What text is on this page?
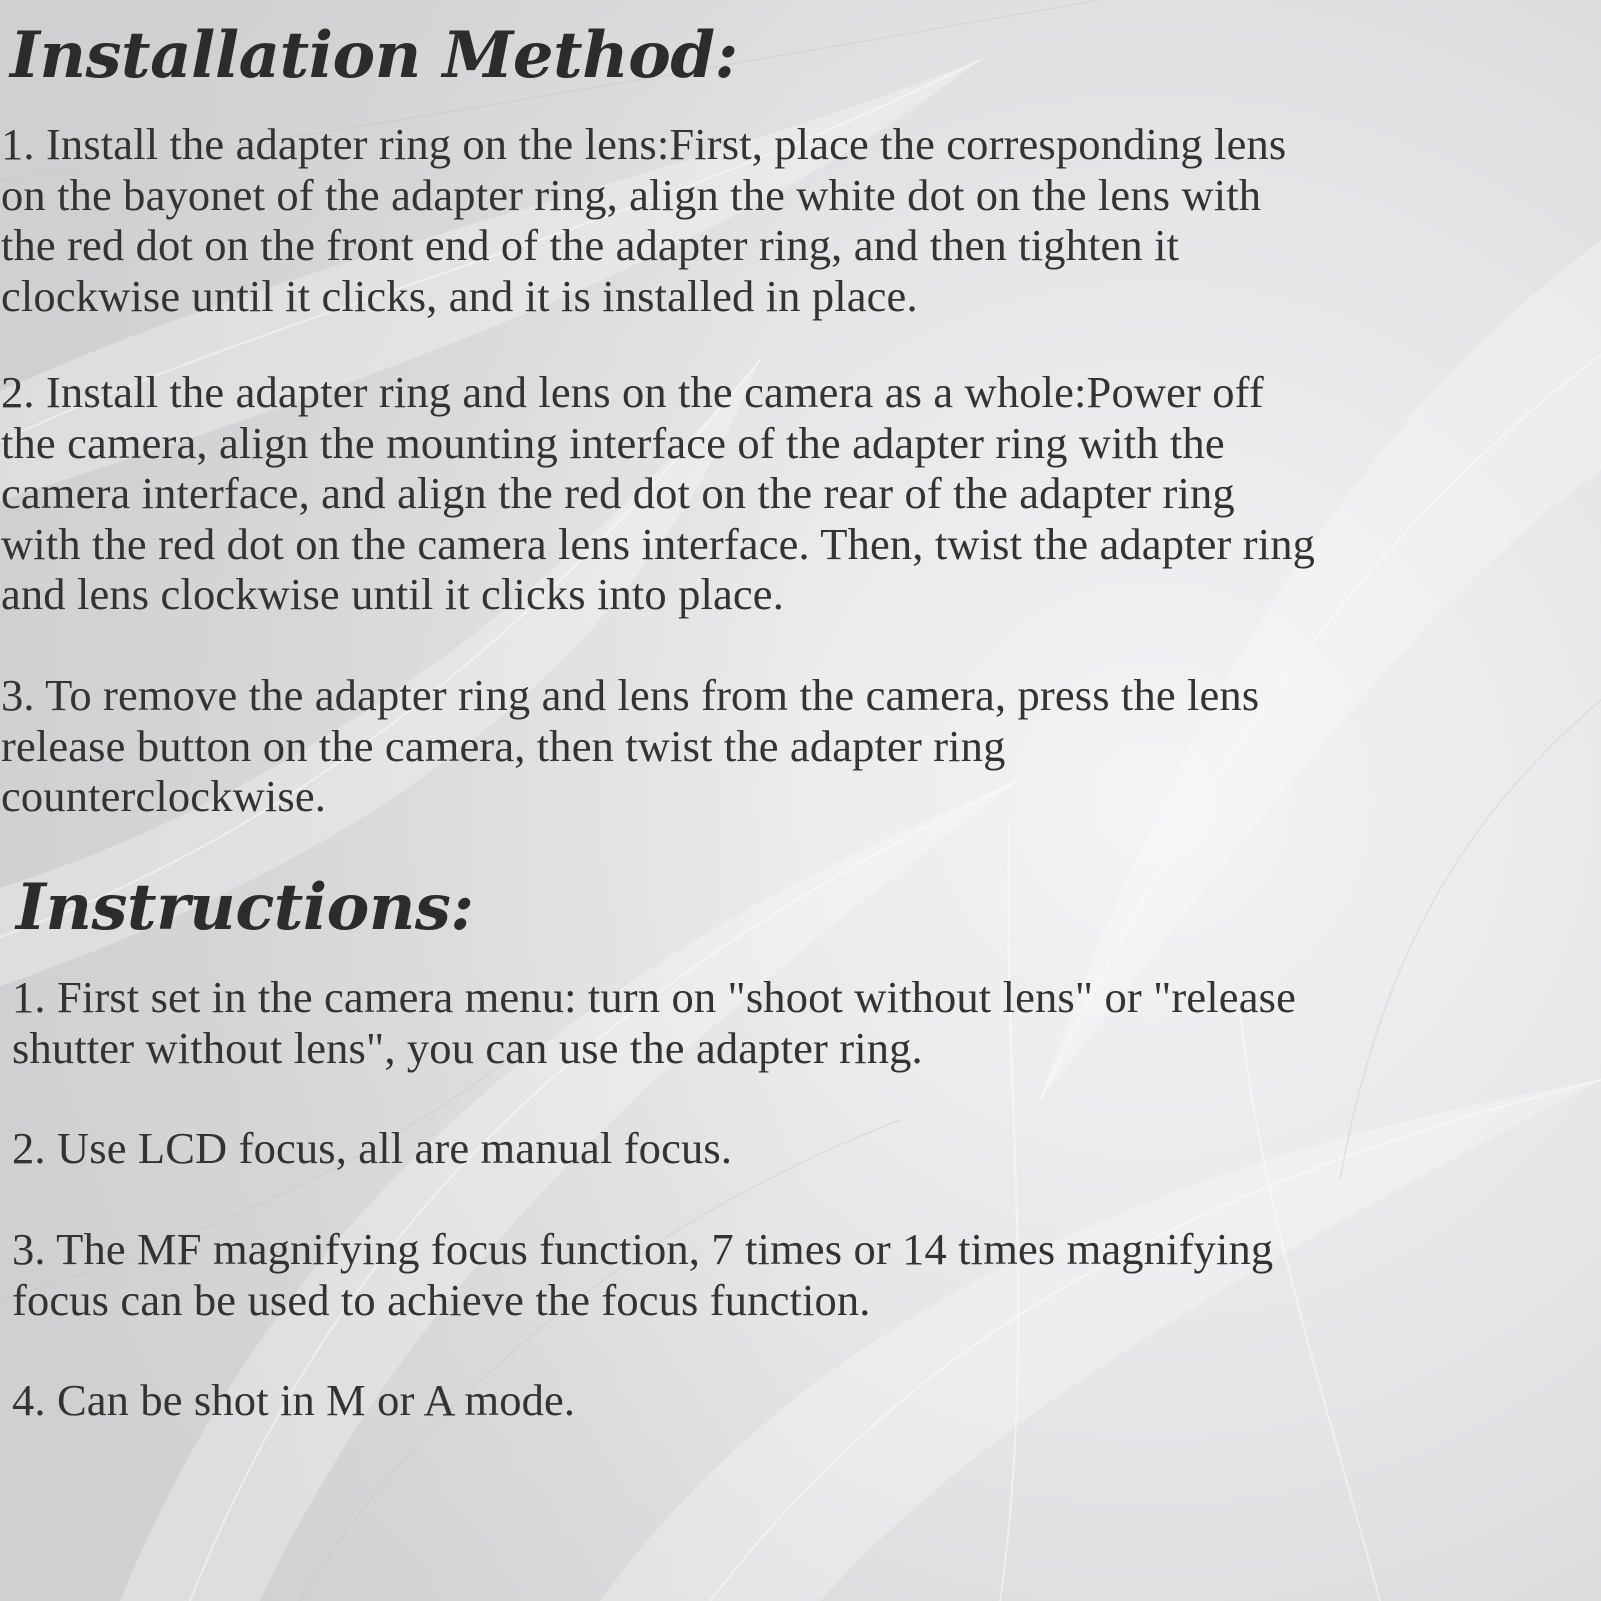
Installation Method:

1. Install the adapter ring on the lens:First, place the corresponding lens
on the bayonet of the adapter ring, align the white dot on the lens with
the red dot on the front end of the adapter ring, and then tighten it
clockwise until it clicks, and it is installed in place.

2. Install the adapter ring and lens on the camera as a whole:Power off
the camera, align the mounting interface of the adapter ring with the
camera interface, and align the red dot on the rear of the adapter ring
with the red dot on the camera lens interface. Then, twist the adapter ring
and lens clockwise until it clicks into place.

3. To remove the adapter ring and lens from the camera, press the lens
release button on the camera, then twist the adapter ring
counterclockwise.

Instructions:

1. First set in the camera menu: turn on "shoot without lens" or "release
shutter without lens", you can use the adapter ring.

2. Use LCD focus, all are manual focus.

3. The MF magnifying focus function, 7 times or 14 times magnifying
focus can be used to achieve the focus function.

4. Can be shot in M or A mode.
